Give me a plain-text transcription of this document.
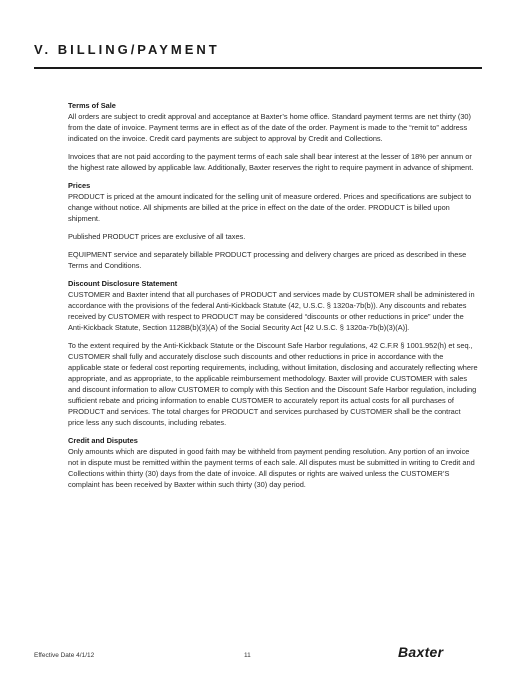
V. BILLING/PAYMENT
Terms of Sale

All orders are subject to credit approval and acceptance at Baxter’s home office. Standard payment terms are net thirty (30) from the date of invoice. Payment terms are in effect as of the date of the order. Payment is made to the “remit to” address indicated on the invoice. Credit card payments are subject to approval by Credit and Collections.

Invoices that are not paid according to the payment terms of each sale shall bear interest at the lesser of 18% per annum or the highest rate allowed by applicable law. Additionally, Baxter reserves the right to require payment in advance of shipment.

Prices

PRODUCT is priced at the amount indicated for the selling unit of measure ordered. Prices and specifications are subject to change without notice. All shipments are billed at the price in effect on the date of the order. PRODUCT is billed upon shipment.

Published PRODUCT prices are exclusive of all taxes.

EQUIPMENT service and separately billable PRODUCT processing and delivery charges are priced as described in these Terms and Conditions.

Discount Disclosure Statement

CUSTOMER and Baxter intend that all purchases of PRODUCT and services made by CUSTOMER shall be administered in accordance with the provisions of the federal Anti-Kickback Statute (42, U.S.C. § 1320a-7b(b)). Any discounts and rebates received by CUSTOMER with respect to PRODUCT may be considered “discounts or other reductions in price” under the Anti-Kickback Statute, Section 1128B(b)(3)(A) of the Social Security Act [42 U.S.C. § 1320a-7b(b)(3)(A)].

To the extent required by the Anti-Kickback Statute or the Discount Safe Harbor regulations, 42 C.F.R § 1001.952(h) et seq., CUSTOMER shall fully and accurately disclose such discounts and other reductions in price in accordance with the applicable state or federal cost reporting requirements, including, without limitation, disclosing and accurately reflecting where appropriate, and as appropriate, to the applicable reimbursement methodology. Baxter will provide CUSTOMER with sales and discount information to allow CUSTOMER to comply with this Section and the Discount Safe Harbor regulation, including sufficient rebate and pricing information to enable CUSTOMER to accurately report its actual costs for all purchases of PRODUCT and services. The total charges for PRODUCT and services purchased by CUSTOMER shall be the contract price less any such discounts, including rebates.

Credit and Disputes

Only amounts which are disputed in good faith may be withheld from payment pending resolution. Any portion of an invoice not in dispute must be remitted within the payment terms of each sale. All disputes must be submitted in writing to Credit and Collections within thirty (30) days from the date of invoice. All disputes or rights are waived unless the CUSTOMER’S complaint has been received by Baxter within such thirty (30) day period.

Effective Date 4/1/12	11	Baxter
